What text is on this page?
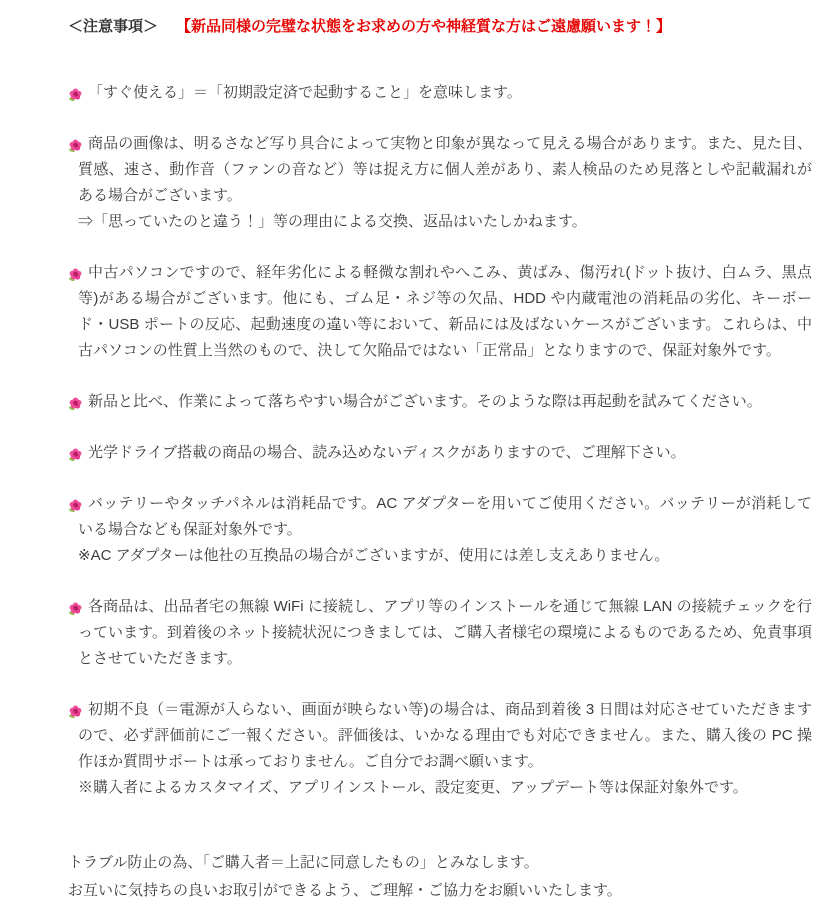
＜注意事項＞ 【新品同様の完璧な状態をお求めの方や神経質な方はご遠慮願います！】
「すぐ使える」＝「初期設定済で起動すること」を意味します。
商品の画像は、明るさなど写り具合によって実物と印象が異なって見える場合があります。また、見た目、質感、速さ、動作音（ファンの音など）等は捉え方に個人差があり、素人検品のため見落としや記載漏れがある場合がございます。
⇒「思っていたのと違う！」等の理由による交換、返品はいたしかねます。
中古パソコンですので、経年劣化による軽微な割れやへこみ、黄ばみ、傷汚れ(ドット抜け、白ムラ、黒点等)がある場合がございます。他にも、ゴム足・ネジ等の欠品、HDD や内蔵電池の消耗品の劣化、キーボード・USB ポートの反応、起動速度の違い等において、新品には及ばないケースがございます。これらは、中古パソコンの性質上当然のもので、決して欠陥品ではない「正常品」となりますので、保証対象外です。
新品と比べ、作業によって落ちやすい場合がございます。そのような際は再起動を試みてください。
光学ドライブ搭載の商品の場合、読み込めないディスクがありますので、ご理解下さい。
バッテリーやタッチパネルは消耗品です。AC アダプターを用いてご使用ください。バッテリーが消耗している場合なども保証対象外です。
※AC アダプターは他社の互換品の場合がございますが、使用には差し支えありません。
各商品は、出品者宅の無線 WiFi に接続し、アプリ等のインストールを通じて無線 LAN の接続チェックを行っています。到着後のネット接続状況につきましては、ご購入者様宅の環境によるものであるため、免責事項とさせていただきます。
初期不良（＝電源が入らない、画面が映らない等)の場合は、商品到着後 3 日間は対応させていただきますので、必ず評価前にご一報ください。評価後は、いかなる理由でも対応できません。また、購入後の PC 操作ほか質問サポートは承っておりません。ご自分でお調べ願います。
※購入者によるカスタマイズ、アプリインストール、設定変更、アップデート等は保証対象外です。
トラブル防止の為、「ご購入者＝上記に同意したもの」とみなします。
お互いに気持ちの良いお取引ができるよう、ご理解・ご協力をお願いいたします。
